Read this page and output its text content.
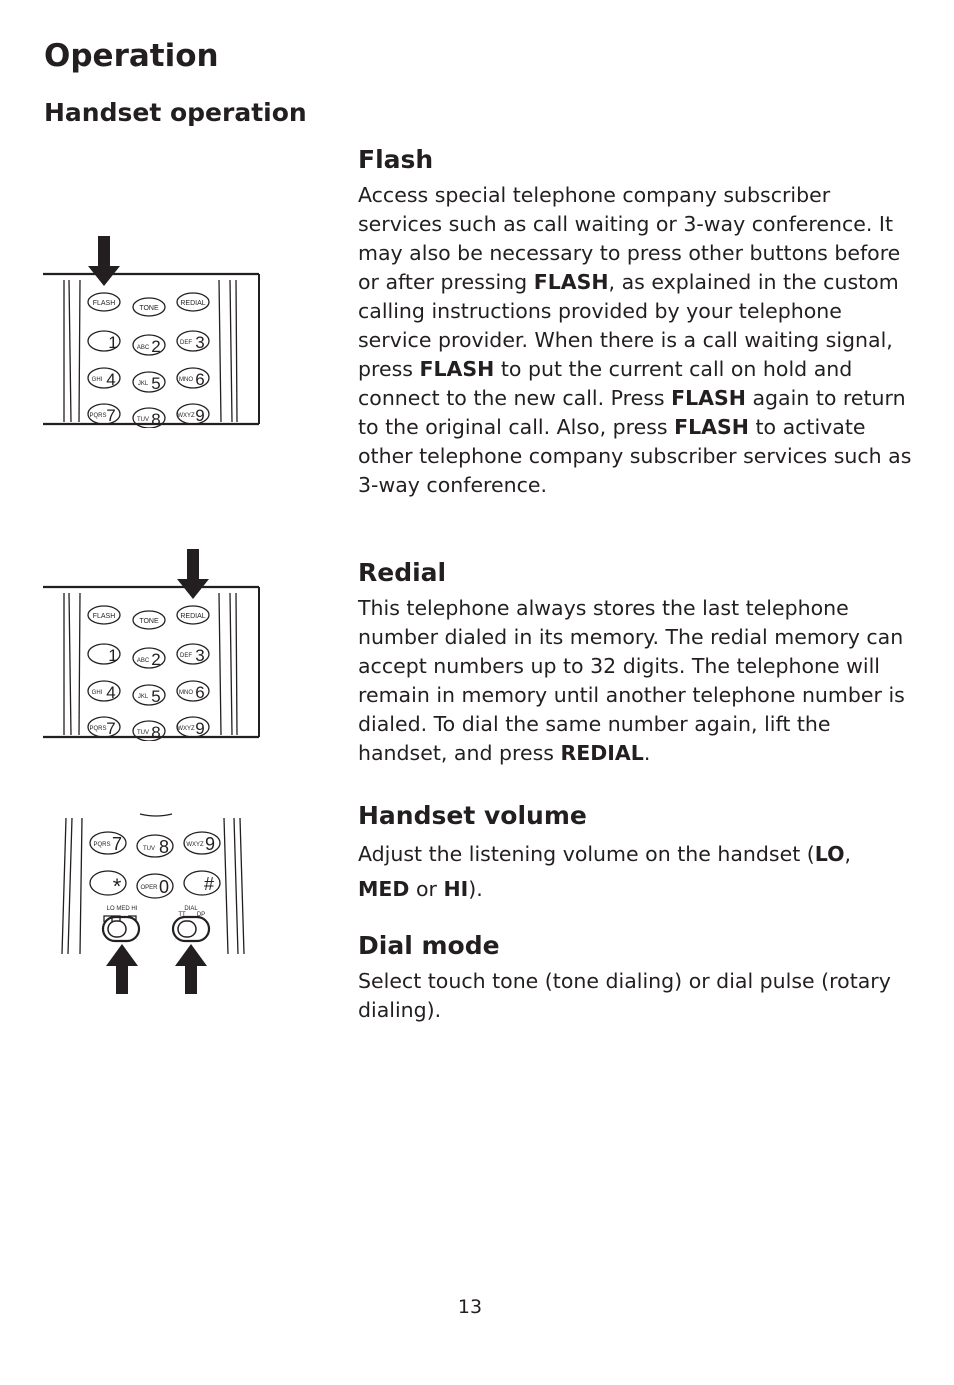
Operation
Handset operation
FLASH
TONE
REDIAL
1	ABC 2	DEF 3
GHI 4	JKL 5	MNO 6
PQRS 7	TUV 8	WXYZ 9
FLASH
TONE
REDIAL
1	ABC 2	DEF 3
GHI 4	JKL 5	MNO 6
PQRS 7	TUV 8	WXYZ 9
PQRS 7	TUV 8	WXYZ 9
*	OPER 0 #
LO MED HI	DIAL
TT DP
Flash

Access special telephone company subscriber services such as call waiting or 3-way conference. It may also be necessary to press other buttons before or after pressing FLASH, as explained in the custom calling instructions provided by your telephone service provider. When there is a call waiting signal, press FLASH to put the current call on hold and connect to the new call. Press FLASH again to return to the original call. Also, press FLASH to activate other telephone company subscriber services such as 3-way conference.

Redial

This telephone always stores the last telephone number dialed in its memory. The redial memory can accept numbers up to 32 digits. The telephone will remain in memory until another telephone number is dialed. To dial the same number again, lift the handset, and press REDIAL.

Handset volume

Adjust the listening volume on the handset (LO,
MED or HI).

Dial mode

Select touch tone (tone dialing) or dial pulse (rotary dialing).

13
